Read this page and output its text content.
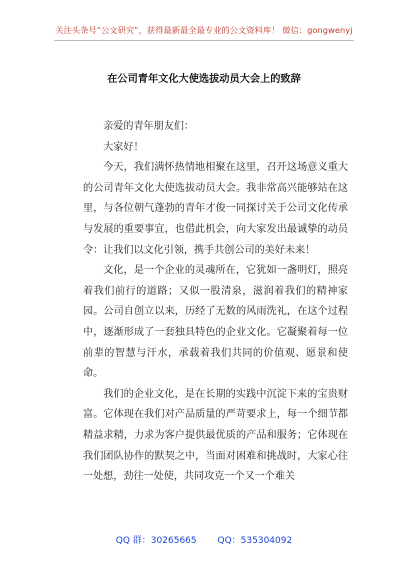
关注头条号“公文研究”，获得最新最全最专业的公文资料库！ 微信：gongwenyj
在公司青年文化大使选拔动员大会上的致辞

亲爱的青年朋友们：

大家好！

今天，我们满怀热情地相聚在这里，召开这场意义重大的公司青年文化大使选拔动员大会。我非常高兴能够站在这里，与各位朝气蓬勃的青年才俊一同探讨关于公司文化传承与发展的重要事宜，也借此机会，向大家发出最诚挚的动员令：让我们以文化引领，携手共创公司的美好未来！

文化，是一个企业的灵魂所在，它犹如一盏明灯，照亮着我们前行的道路；又似一股清泉，滋润着我们的精神家园。公司自创立以来，历经了无数的风雨洗礼，在这个过程中，逐渐形成了一套独具特色的企业文化。它凝聚着每一位前辈的智慧与汗水，承载着我们共同的价值观、愿景和使命。

我们的企业文化，是在长期的实践中沉淀下来的宝贵财富。它体现在我们对产品质量的严苛要求上，每一个细节都精益求精，力求为客户提供最优质的产品和服务；它体现在我们团队协作的默契之中，当面对困难和挑战时，大家心往一处想，劲往一处使，共同攻克一个又一个难关

QQ 群：30265665 QQ：535304092
